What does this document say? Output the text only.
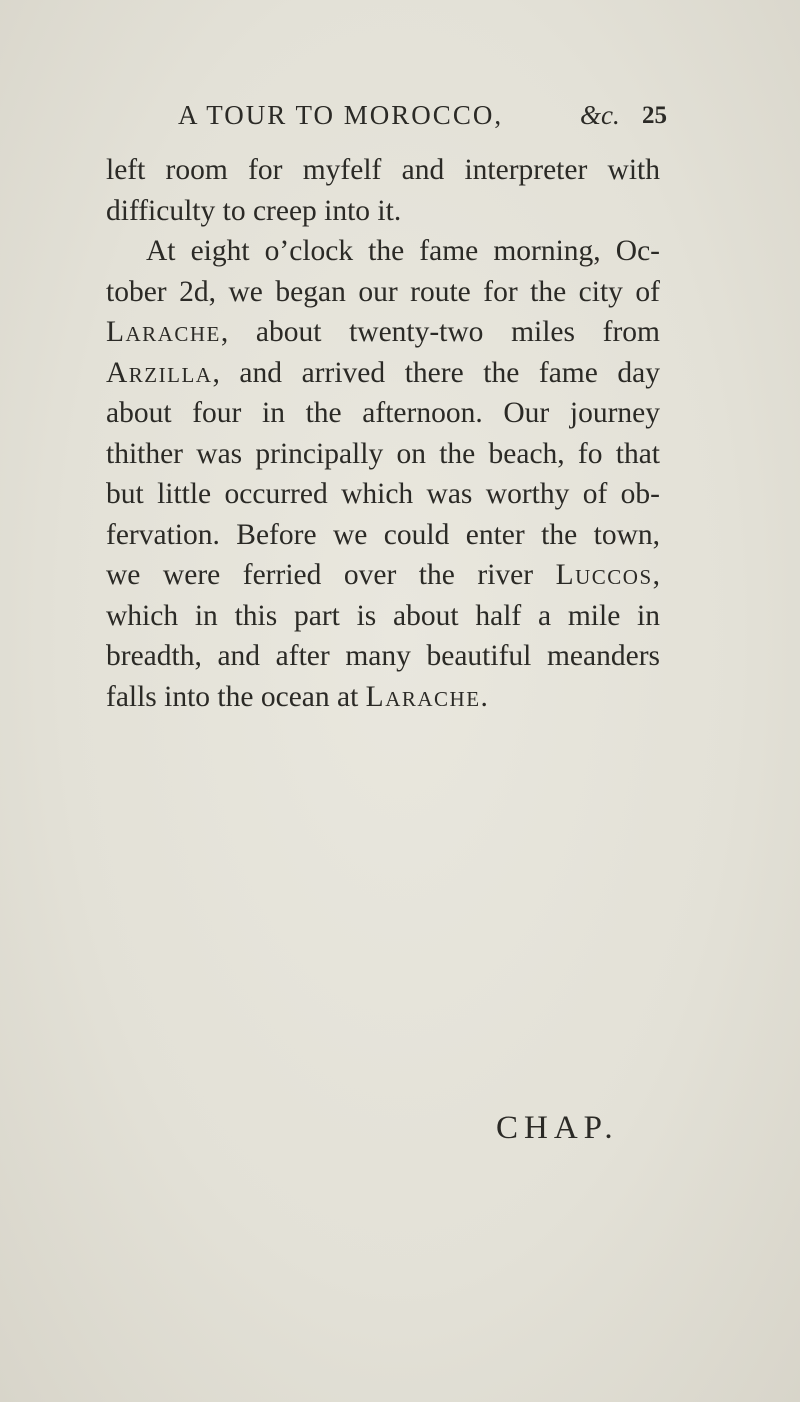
A TOUR TO MOROCCO,	&c. 25
left room for myfelf and interpreter with
difficulty to creep into it.
At eight o’clock the fame morning, Oc-
tober 2d, we began our route for the city of
Larache, about twenty-two miles from
Arzilla, and arrived there the fame day
about four in the afternoon. Our journey
thither was principally on the beach, fo that
but little occurred which was worthy of ob-
fervation. Before we could enter the town,
we were ferried over the river Luccos,
which in this part is about half a mile in
breadth, and after many beautiful meanders
falls into the ocean at Larache.
CHAP.
